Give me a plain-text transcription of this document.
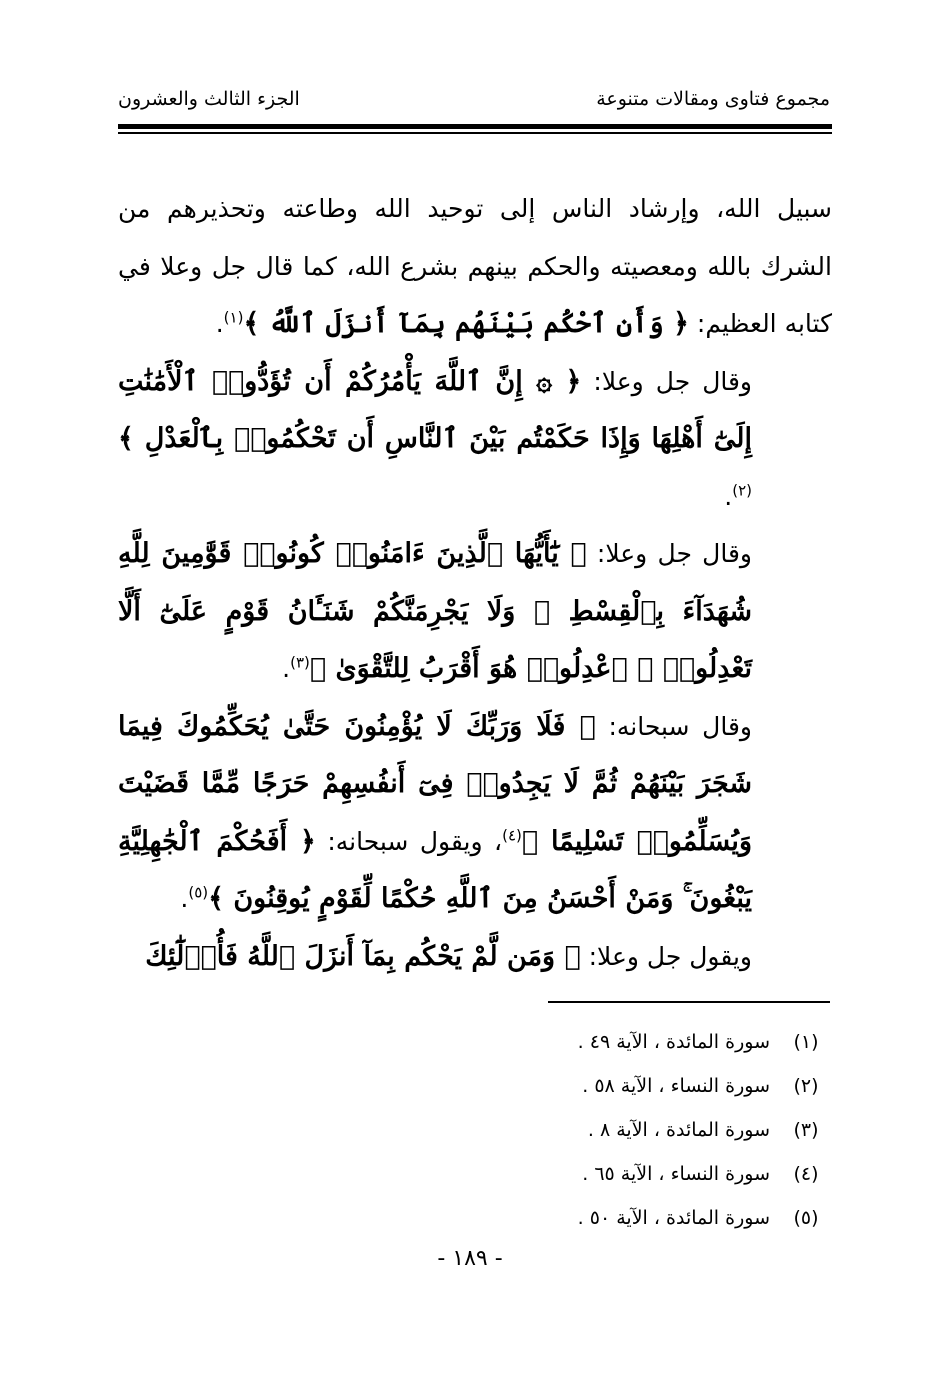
مجموع فتاوى ومقالات متنوعة
الجزء الثالث والعشرون

سبيل الله، وإرشاد الناس إلى توحيد الله وطاعته وتحذيرهم من الشرك بالله ومعصيته والحكم بينهم بشرع الله، كما قال جل وعلا في كتابه العظيم: ﴿ وَأَنِ ٱحْكُم بَيْنَهُم بِمَآ أَنزَلَ ٱللَّهُ ﴾$^{(١)}$.

وقال جل وعلا: ﴿ ۞ إِنَّ ٱللَّهَ يَأْمُرُكُمْ أَن تُؤَدُّوا۟ ٱلْأَمَٰنَٰتِ إِلَىٰٓ أَهْلِهَا وَإِذَا حَكَمْتُم بَيْنَ ٱلنَّاسِ أَن تَحْكُمُوا۟ بِٱلْعَدْلِ ﴾$^{(٢)}$.

وقال جل وعلا: ﴿ يَٰٓأَيُّهَا ٱلَّذِينَ ءَامَنُوا۟ كُونُوا۟ قَوَّٰمِينَ لِلَّهِ شُهَدَآءَ بِٱلْقِسْطِ ۖ وَلَا يَجْرِمَنَّكُمْ شَنَـَٔانُ قَوْمٍ عَلَىٰٓ أَلَّا تَعْدِلُوا۟ ۚ ٱعْدِلُوا۟ هُوَ أَقْرَبُ لِلتَّقْوَىٰ ﴾$^{(٣)}$.

وقال سبحانه: ﴿ فَلَا وَرَبِّكَ لَا يُؤْمِنُونَ حَتَّىٰ يُحَكِّمُوكَ فِيمَا شَجَرَ بَيْنَهُمْ ثُمَّ لَا يَجِدُوا۟ فِىٓ أَنفُسِهِمْ حَرَجًا مِّمَّا قَضَيْتَ وَيُسَلِّمُوا۟ تَسْلِيمًا ﴾$^{(٤)}$، ويقول سبحانه: ﴿ أَفَحُكْمَ ٱلْجَٰهِلِيَّةِ يَبْغُونَ ۚ وَمَنْ أَحْسَنُ مِنَ ٱللَّهِ حُكْمًا لِّقَوْمٍ يُوقِنُونَ ﴾$^{(٥)}$.

ويقول جل وعلا: ﴿ وَمَن لَّمْ يَحْكُم بِمَآ أَنزَلَ ٱللَّهُ فَأُو۟لَٰٓئِكَ

(١)سورة المائدة ، الآية ٤٩ .
(٢)سورة النساء ، الآية ٥٨ .
(٣)سورة المائدة ، الآية ٨ .
(٤)سورة النساء ، الآية ٦٥ .
(٥)سورة المائدة ، الآية ٥٠ .
- ١٨٩ -
